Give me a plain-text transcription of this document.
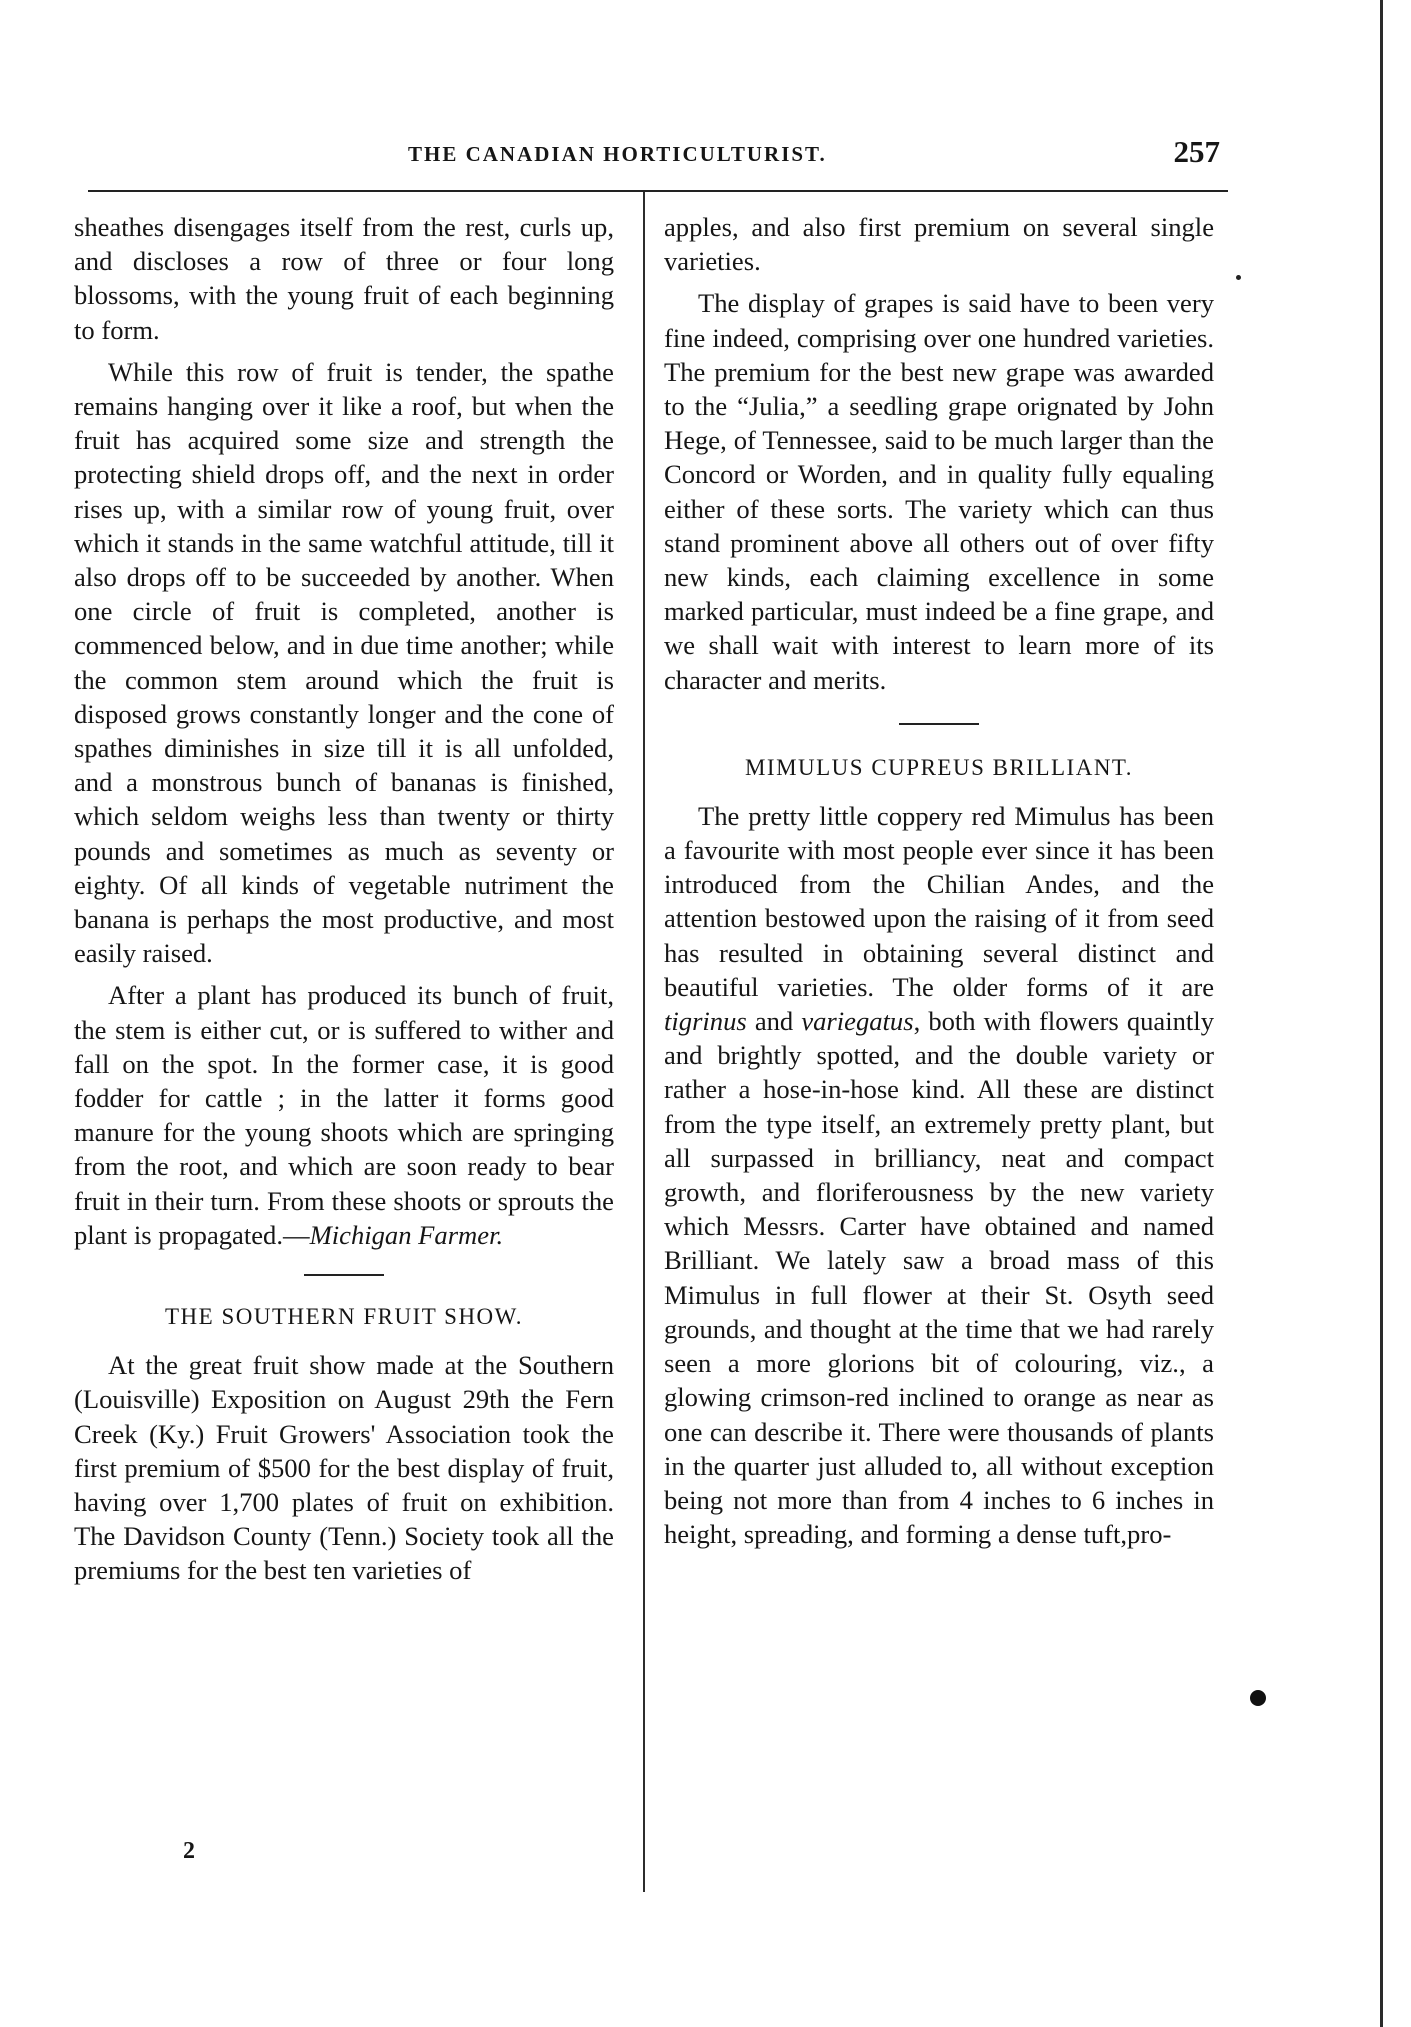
THE CANADIAN HORTICULTURIST.	257

sheathes disengages itself from the rest, curls up, and discloses a row of three or four long blossoms, with the young fruit of each beginning to form.

While this row of fruit is tender, the spathe remains hanging over it like a roof, but when the fruit has acquired some size and strength the protecting shield drops off, and the next in order rises up, with a similar row of young fruit, over which it stands in the same watchful attitude, till it also drops off to be succeeded by another. When one circle of fruit is completed, another is commenced below, and in due time another; while the common stem around which the fruit is disposed grows constantly longer and the cone of spathes diminishes in size till it is all unfolded, and a monstrous bunch of bananas is finished, which seldom weighs less than twenty or thirty pounds and sometimes as much as seventy or eighty. Of all kinds of vegetable nutriment the banana is perhaps the most productive, and most easily raised.

After a plant has produced its bunch of fruit, the stem is either cut, or is suffered to wither and fall on the spot. In the former case, it is good fodder for cattle ; in the latter it forms good manure for the young shoots which are springing from the root, and which are soon ready to bear fruit in their turn. From these shoots or sprouts the plant is propagated.—Michigan Farmer.

THE SOUTHERN FRUIT SHOW.

At the great fruit show made at the Southern (Louisville) Exposition on August 29th the Fern Creek (Ky.) Fruit Growers' Association took the first premium of $500 for the best display of fruit, having over 1,700 plates of fruit on exhibition. The Davidson County (Tenn.) Society took all the premiums for the best ten varieties of

2

apples, and also first premium on several single varieties.

The display of grapes is said have to been very fine indeed, comprising over one hundred varieties. The premium for the best new grape was awarded to the “Julia,” a seedling grape orignated by John Hege, of Tennessee, said to be much larger than the Concord or Worden, and in quality fully equaling either of these sorts. The variety which can thus stand prominent above all others out of over fifty new kinds, each claiming excellence in some marked particular, must indeed be a fine grape, and we shall wait with interest to learn more of its character and merits.

MIMULUS CUPREUS BRILLIANT.

The pretty little coppery red Mimulus has been a favourite with most people ever since it has been introduced from the Chilian Andes, and the attention bestowed upon the raising of it from seed has resulted in obtaining several distinct and beautiful varieties. The older forms of it are tigrinus and variegatus, both with flowers quaintly and brightly spotted, and the double variety or rather a hose-in-hose kind. All these are distinct from the type itself, an extremely pretty plant, but all surpassed in brilliancy, neat and compact growth, and floriferousness by the new variety which Messrs. Carter have obtained and named Brilliant. We lately saw a broad mass of this Mimulus in full flower at their St. Osyth seed grounds, and thought at the time that we had rarely seen a more glorions bit of colouring, viz., a glowing crimson-red inclined to orange as near as one can describe it. There were thousands of plants in the quarter just alluded to, all without exception being not more than from 4 inches to 6 inches in height, spreading, and forming a dense tuft,pro-
